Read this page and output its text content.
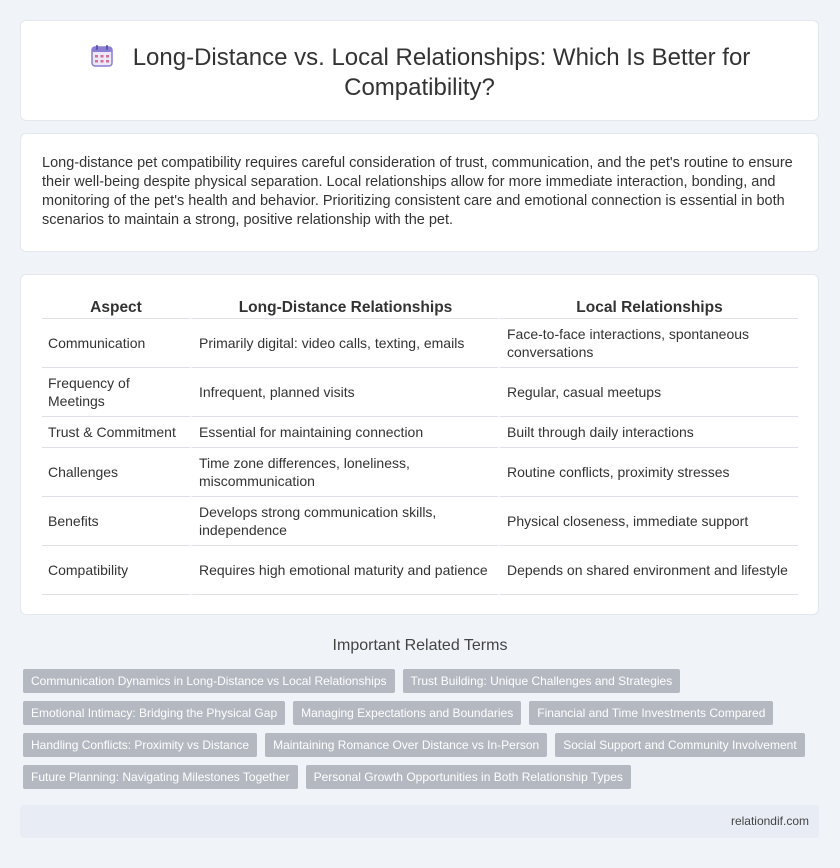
Long-Distance vs. Local Relationships: Which Is Better for Compatibility?

Long-distance pet compatibility requires careful consideration of trust, communication, and the pet's routine to ensure their well-being despite physical separation. Local relationships allow for more immediate interaction, bonding, and monitoring of the pet's health and behavior. Prioritizing consistent care and emotional connection is essential in both scenarios to maintain a strong, positive relationship with the pet.

Aspect	Long-Distance Relationships	Local Relationships
Communication	Primarily digital: video calls, texting, emails	Face-to-face interactions, spontaneous conversations
Frequency of Meetings	Infrequent, planned visits	Regular, casual meetups
Trust & Commitment	Essential for maintaining connection	Built through daily interactions
Challenges	Time zone differences, loneliness, miscommunication	Routine conflicts, proximity stresses
Benefits	Develops strong communication skills, independence	Physical closeness, immediate support
Compatibility	Requires high emotional maturity and patience	Depends on shared environment and lifestyle
Important Related Terms
Communication Dynamics in Long-Distance vs Local Relationships	Trust Building: Unique Challenges and Strategies
Emotional Intimacy: Bridging the Physical Gap	Managing Expectations and Boundaries	Financial and Time Investments Compared
Handling Conflicts: Proximity vs Distance	Maintaining Romance Over Distance vs In-Person	Social Support and Community Involvement
Future Planning: Navigating Milestones Together	Personal Growth Opportunities in Both Relationship Types
relationdif.com
